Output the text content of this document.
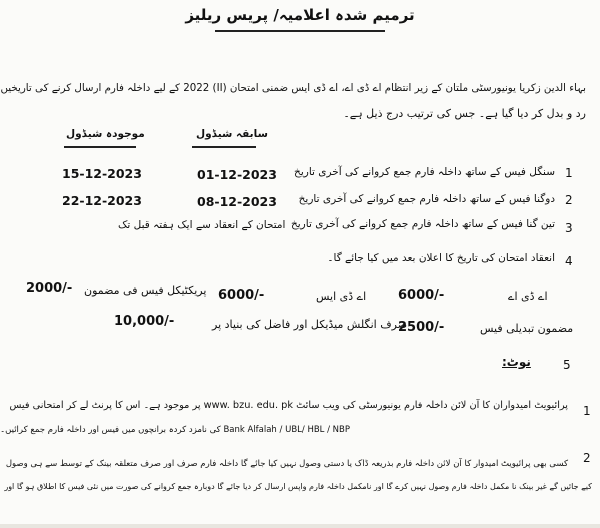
ترمیم شدہ اعلامیہ/ پریس ریلیز
بہاء الدین زکریا یونیورسٹی ملتان کے زیر انتظام اے ڈی اے، اے ڈی ایس ضمنی امتحان (II) 2022 کے لیے داخلہ فارم ارسال کرنے کی تاریخیں
رد و بدل کر دیا گیا ہے۔ جس کی ترتیب درج ذیل ہے۔
سابقہ شیڈول
موجودہ شیڈول
1
سنگل فیس کے ساتھ داخلہ فارم جمع کروانے کی آخری تاریخ
01-12-2023
15-12-2023
2
دوگنا فیس کے ساتھ داخلہ فارم جمع کروانے کی آخری تاریخ
08-12-2023
22-12-2023
3
تین گنا فیس کے ساتھ داخلہ فارم جمع کروانے کی آخری تاریخ
امتحان کے انعقاد سے ایک ہفتہ قبل تک
4
انعقاد امتحان کی تاریخ کا اعلان بعد میں کیا جائے گا۔
اے ڈی اے
6000/-
اے ڈی ایس
6000/-
پریکٹیکل فیس فی مضمون
2000/-
مضمون تبدیلی فیس
2500/-
صرف انگلش میڈیکل اور فاضل کی بنیاد پر
10,000/-
5
نوٹ:
1
پرائیویٹ امیدواران کا آن لائن داخلہ فارم یونیورسٹی کی ویب سائٹ www. bzu. edu. pk پر موجود ہے۔ اس کا پرنٹ لے کر امتحانی فیس
Bank Alfalah / UBL/ HBL / NBP کی نامزد کردہ برانچوں میں فیس اور داخلہ فارم جمع کرائیں۔
2
کسی بھی پرائیویٹ امیدوار کا آن لائن داخلہ فارم بذریعہ ڈاک یا دستی وصول نہیں کیا جائے گا داخلہ فارم صرف اور صرف متعلقہ بینک کے توسط سے ہی وصول
کیے جائیں گے غیر بینک نا مکمل داخلہ فارم وصول نہیں کرے گا اور نامکمل داخلہ فارم واپس ارسال کر دیا جائے گا دوبارہ جمع کروانے کی صورت میں نئی فیس کا اطلاق ہو گا اور
